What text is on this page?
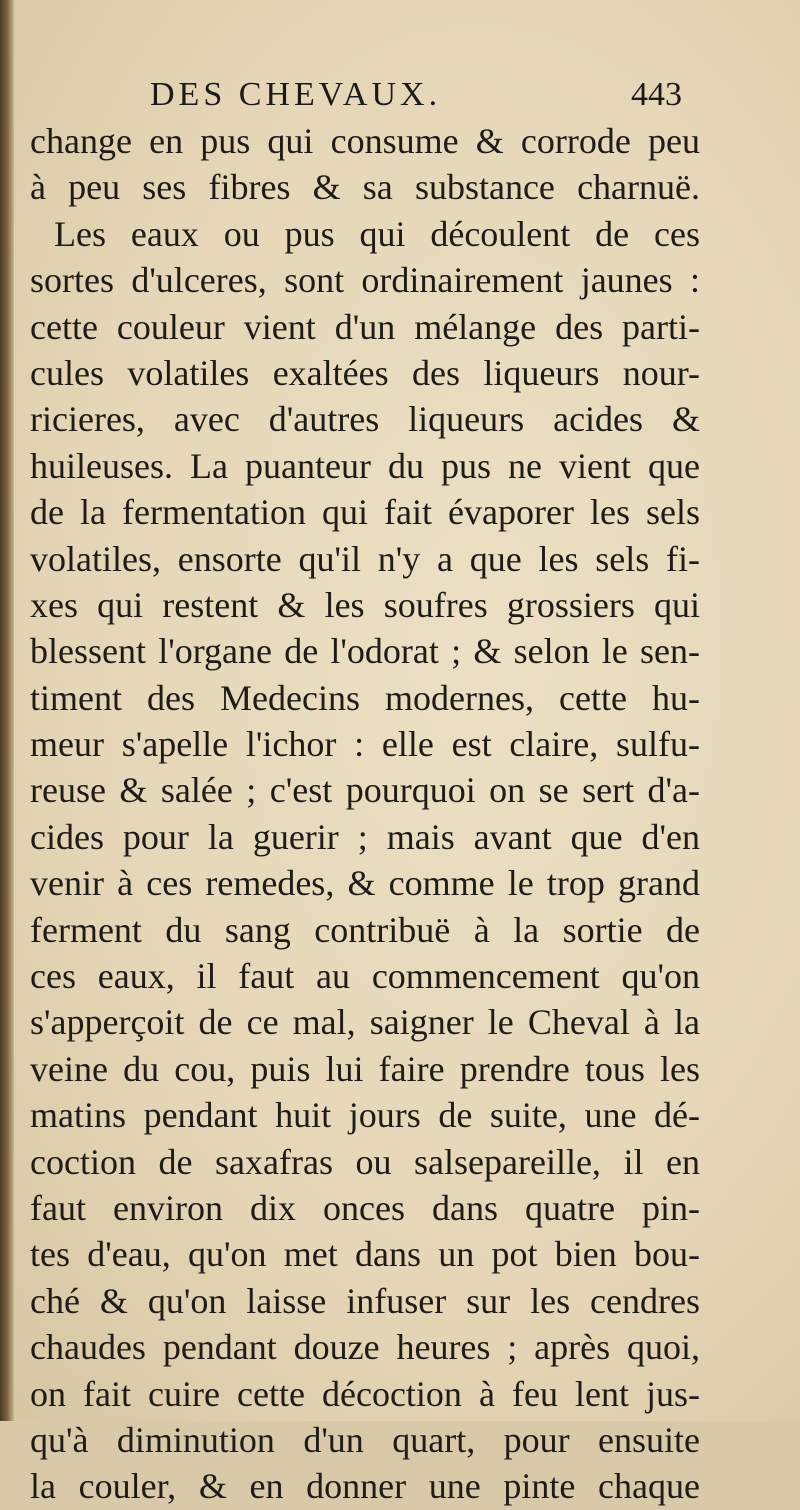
DES CHEVAUX.	443
change en pus qui consume & corrode peu
à peu ses fibres & sa substance charnuë.
Les eaux ou pus qui découlent de ces
sortes d'ulceres, sont ordinairement jaunes :
cette couleur vient d'un mélange des parti-
cules volatiles exaltées des liqueurs nour-
ricieres, avec d'autres liqueurs acides &
huileuses. La puanteur du pus ne vient que
de la fermentation qui fait évaporer les sels
volatiles, ensorte qu'il n'y a que les sels fi-
xes qui restent & les soufres grossiers qui
blessent l'organe de l'odorat ; & selon le sen-
timent des Medecins modernes, cette hu-
meur s'apelle l'ichor : elle est claire, sulfu-
reuse & salée ; c'est pourquoi on se sert d'a-
cides pour la guerir ; mais avant que d'en
venir à ces remedes, & comme le trop grand
ferment du sang contribuë à la sortie de
ces eaux, il faut au commencement qu'on
s'apperçoit de ce mal, saigner le Cheval à la
veine du cou, puis lui faire prendre tous les
matins pendant huit jours de suite, une dé-
coction de saxafras ou salsepareille, il en
faut environ dix onces dans quatre pin-
tes d'eau, qu'on met dans un pot bien bou-
ché & qu'on laisse infuser sur les cendres
chaudes pendant douze heures ; après quoi,
on fait cuire cette décoction à feu lent jus-
qu'à diminution d'un quart, pour ensuite
la couler, & en donner une pinte chaque
